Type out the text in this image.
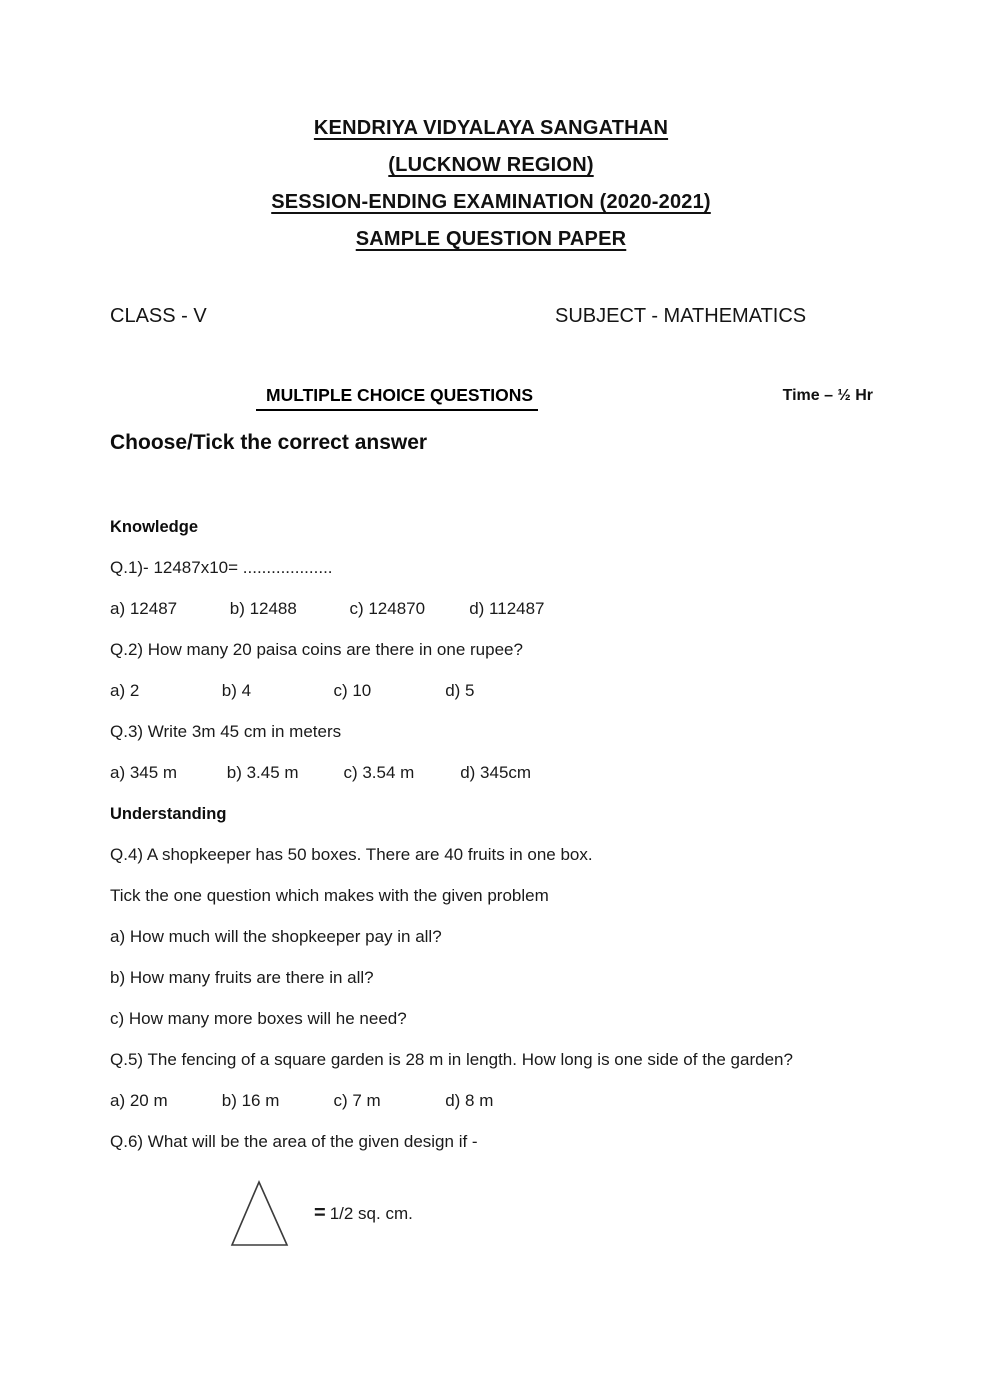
KENDRIYA VIDYALAYA SANGATHAN
(LUCKNOW REGION)
SESSION-ENDING EXAMINATION (2020-2021)
SAMPLE QUESTION PAPER
CLASS - V	SUBJECT - MATHEMATICS
MULTIPLE CHOICE QUESTIONS	Time – ½ Hr
Choose/Tick the correct answer

Knowledge

Q.1)- 12487x10= ...................

a) 12487	b) 12488	c) 124870	d) 112487

Q.2) How many 20 paisa coins are there in one rupee?

a) 2	b) 4	c) 10	d) 5

Q.3) Write 3m 45 cm in meters

a) 345 m	b) 3.45 m	c) 3.54 m	d) 345cm

Understanding

Q.4) A shopkeeper has 50 boxes. There are 40 fruits in one box.

Tick the one question which makes with the given problem

a) How much will the shopkeeper pay in all?

b) How many fruits are there in all?

c) How many more boxes will he need?

Q.5) The fencing of a square garden is 28 m in length. How long is one side of the garden?

a) 20 m	b) 16 m	c) 7 m	d) 8 m

Q.6) What will be the area of the given design if -

= 1/2 sq. cm.
